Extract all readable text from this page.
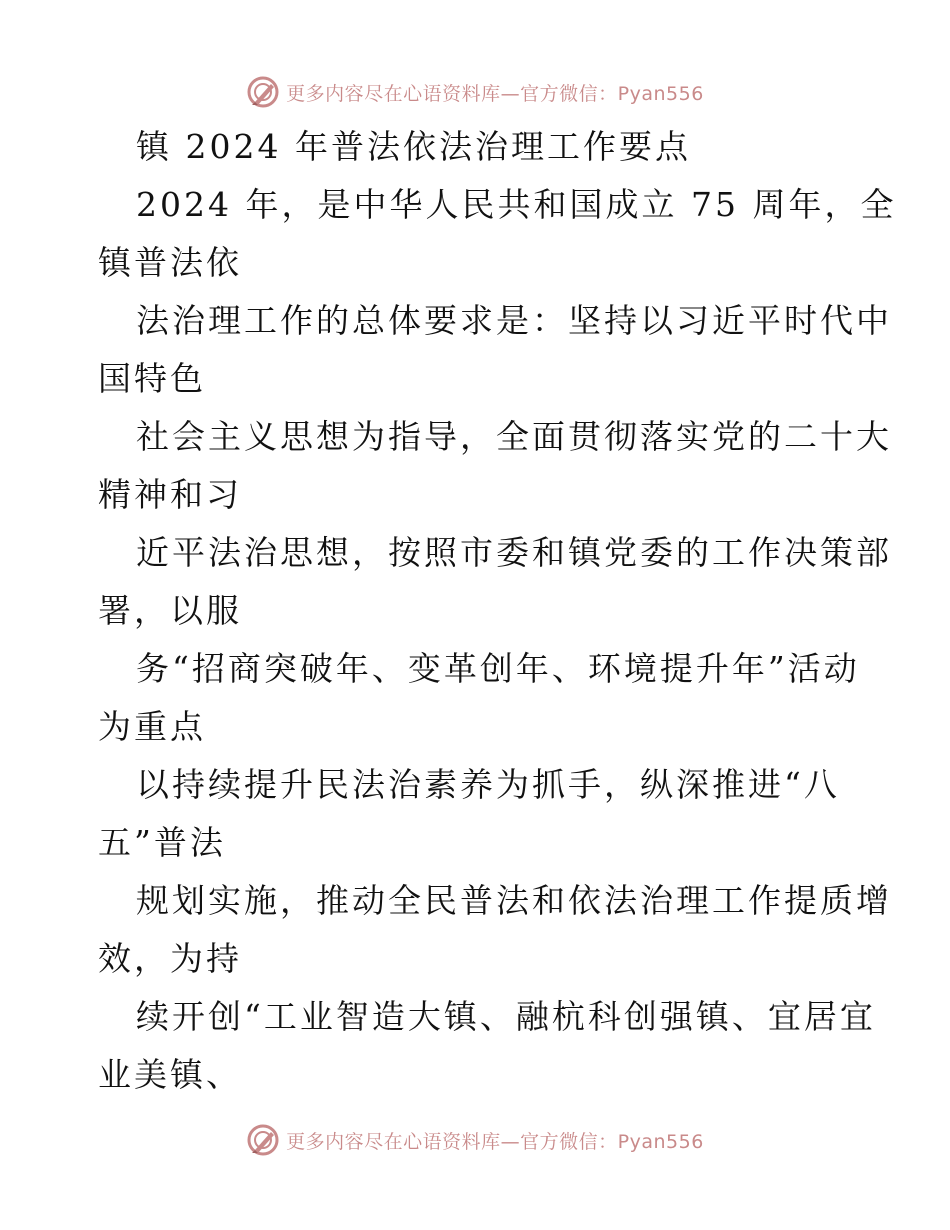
更多内容尽在心语资料库—官方微信：Pyan556
镇 2024 年普法依法治理工作要点
2024 年，是中华人民共和国成立 75 周年，全
镇普法依
法治理工作的总体要求是：坚持以习近平时代中
国特色
社会主义思想为指导，全面贯彻落实党的二十大
精神和习
近平法治思想，按照市委和镇党委的工作决策部
署，以服
务“招商突破年、变革创年、环境提升年”活动
为重点
以持续提升民法治素养为抓手，纵深推进“八
五”普法
规划实施，推动全民普法和依法治理工作提质增
效，为持
续开创“工业智造大镇、融杭科创强镇、宜居宜
业美镇、
更多内容尽在心语资料库—官方微信：Pyan556
